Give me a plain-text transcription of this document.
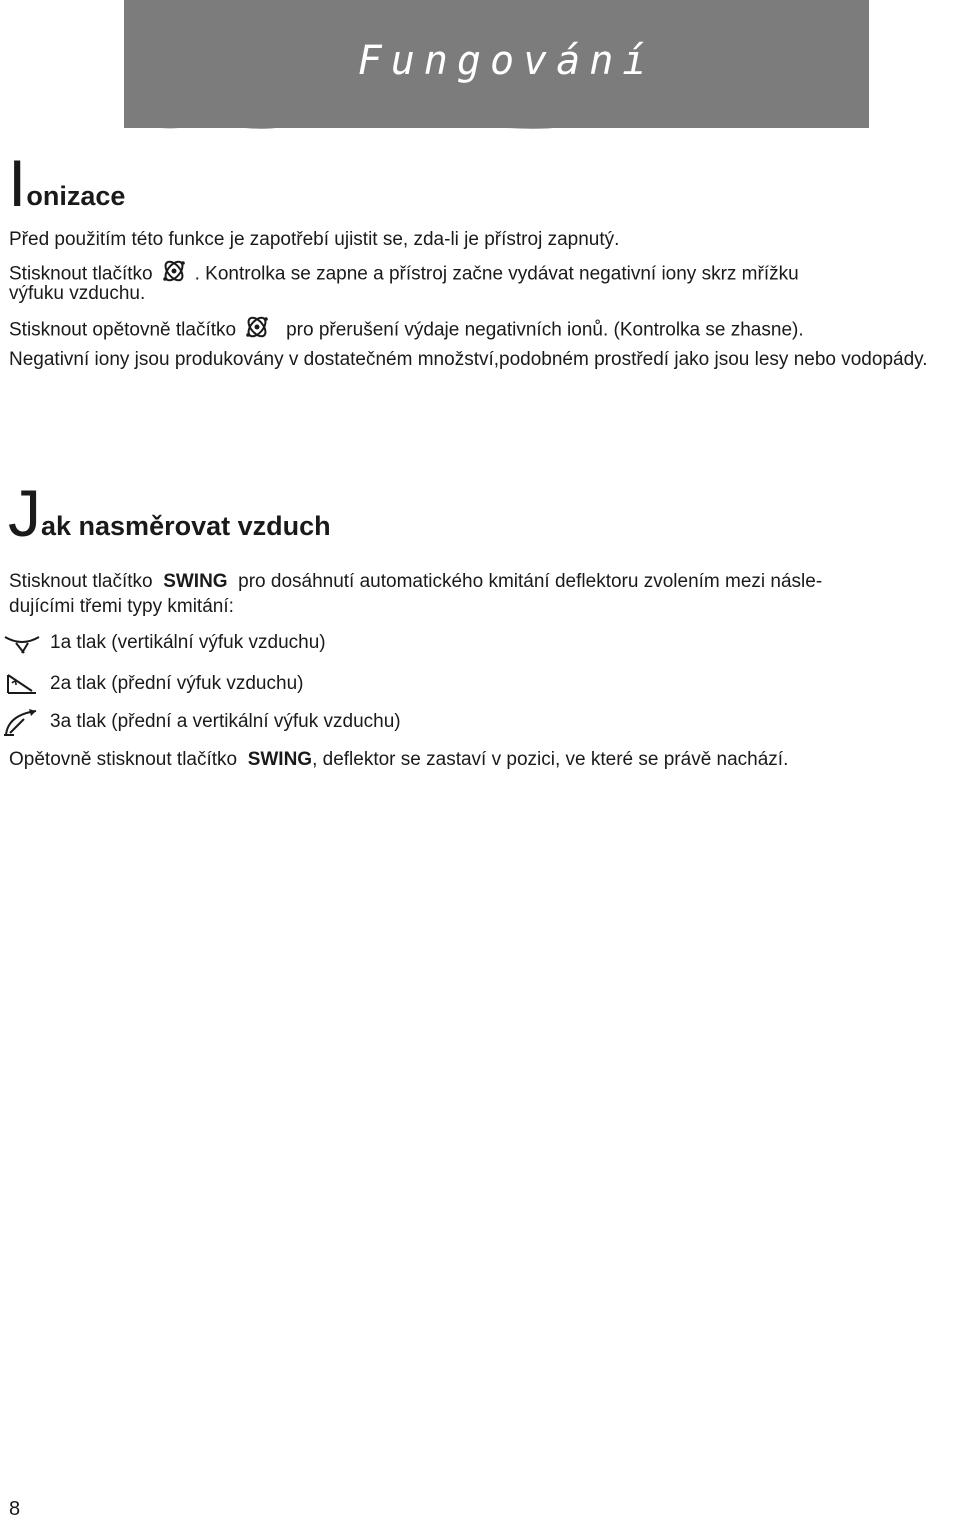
Fungování
Ionizace

Před použitím této funkce je zapotřebí ujistit se, zda-li je přístroj zapnutý.

Stisknout tlačítko . Kontrolka se zapne a přístroj začne vydávat negativní iony skrz mřížku

výfuku vzduchu.

Stisknout opětovně tlačítko	pro přerušení výdaje negativních ionů. (Kontrolka se zhasne).

Negativní iony jsou produkovány v dostatečném množství,podobném prostředí jako jsou lesy nebo vodopády.

Jak nasměrovat vzduch

Stisknout tlačítko SWING pro dosáhnutí automatického kmitání deflektoru zvolením mezi násle-

dujícími třemi typy kmitání:

1a tlak (vertikální výfuk vzduchu)
2a tlak (přední výfuk vzduchu)
3a tlak (přední a vertikální výfuk vzduchu)

Opětovně stisknout tlačítko SWING, deflektor se zastaví v pozici, ve které se právě nachází.

8
